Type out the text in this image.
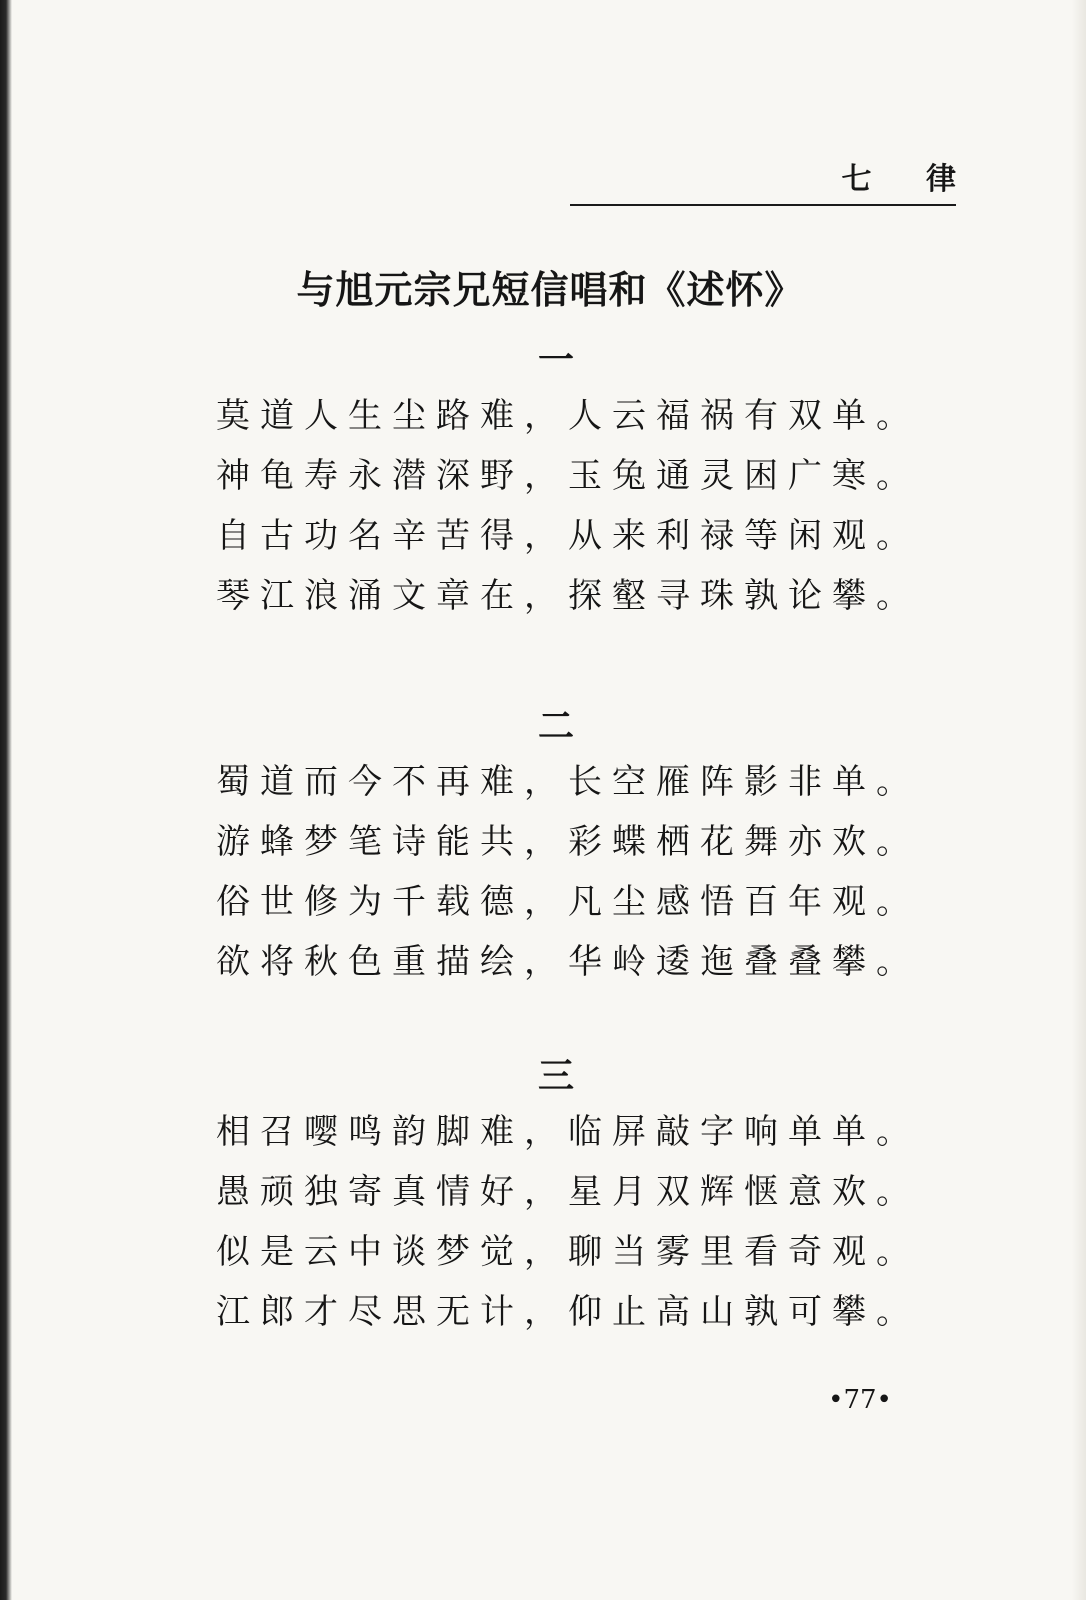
七 律
与旭元宗兄短信唱和《述怀》
一
莫道人生尘路难，人云福祸有双单。
神龟寿永潜深野，玉兔通灵困广寒。
自古功名辛苦得，从来利禄等闲观。
琴江浪涌文章在，探壑寻珠孰论攀。
二
蜀道而今不再难，长空雁阵影非单。
游蜂梦笔诗能共，彩蝶栖花舞亦欢。
俗世修为千载德，凡尘感悟百年观。
欲将秋色重描绘，华岭逶迤叠叠攀。
三
相召嘤鸣韵脚难，临屏敲字响单单。
愚顽独寄真情好，星月双辉惬意欢。
似是云中谈梦觉，聊当雾里看奇观。
江郎才尽思无计，仰止高山孰可攀。
•77•
